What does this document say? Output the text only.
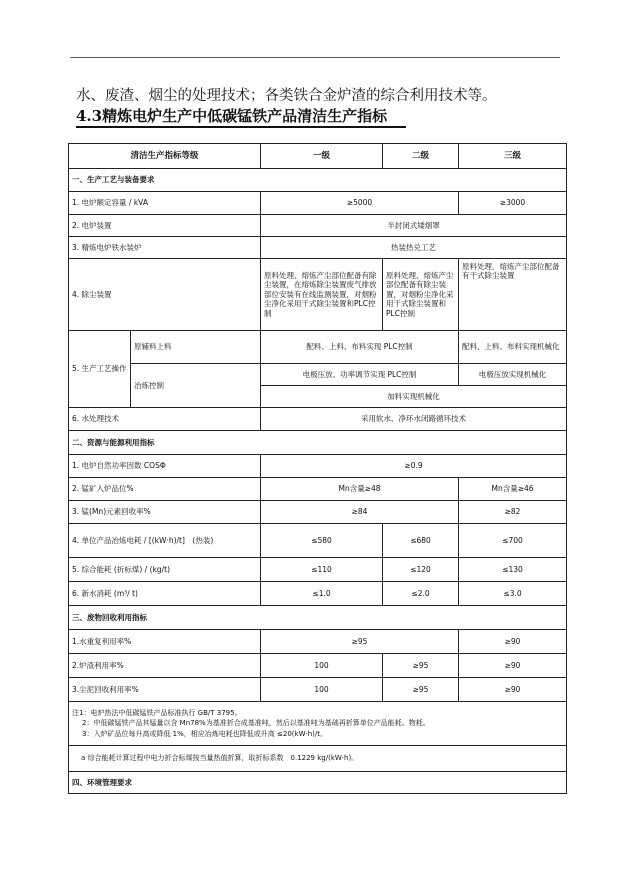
水、废渣、烟尘的处理技术；各类铁合金炉渣的综合利用技术等。
4.3精炼电炉生产中低碳锰铁产品清洁生产指标
清洁生产指标等级		一级	二级	三级
一、生产工艺与装备要求				
1. 电炉额定容量 / kVA		≥5000		≥3000
2. 电炉装置		半封闭式矮烟罩		
3. 精炼电炉铁水装炉		热装热兑工艺		
4. 除尘装置		原料处理、熔炼产尘部位配备有除尘装置，在熔炼除尘装置废气排放部位安装有在线监测装置，对烟粉尘净化采用干式除尘装置和PLC控制	原料处理、熔炼产尘部位配备有除尘装置，对烟粉尘净化采用干式除尘装置和PLC控制	原料处理、熔炼产尘部位配备有干式除尘装置
5. 生产工艺操作	原辅料上料	配料、上料、布料实现 PLC控制		配料、上料、布料实现机械化
	冶炼控制	电极压放、功率调节实现 PLC控制		电极压放实现机械化
		加料实现机械化		
6. 水处理技术		采用软水、净环水闭路循环技术		
二、资源与能源利用指标				
1. 电炉自然功率因数 COSΦ		≥0.9		
2. 锰矿入炉品位%		Mn含量≥48		Mn含量≥46
3. 锰(Mn)元素回收率%		≥84		≥82
4. 单位产品冶炼电耗 / [(kW·h)/t]　(热装)		≤580	≤680	≤700
5. 综合能耗 (折标煤) / (kg/t)		≤110	≤120	≤130
6. 新水消耗 (m³/ t)		≤1.0	≤2.0	≤3.0
三、废物回收利用指标				
1.水重复利用率%		≥95		≥90
2.炉渣利用率%		100	≥95	≥90
3.尘泥回收利用率%		100	≥95	≥90

注1：电炉热法中低碳锰铁产品标准执行 GB/T 3795。
2：中低碳锰铁产品其锰量以含 Mn78%为基准折合成基准吨，然后以基准吨为基础再折算单位产品能耗、物耗。
3：入炉矿品位每升高或降低 1%，相应冶炼电耗也降低或升高 ≤20(kW·h)/t。				

a 综合能耗计算过程中电力折合标煤按当量热值折算，取折标系数　0.1229 kg/(kW·h)。				
四、环境管理要求				
